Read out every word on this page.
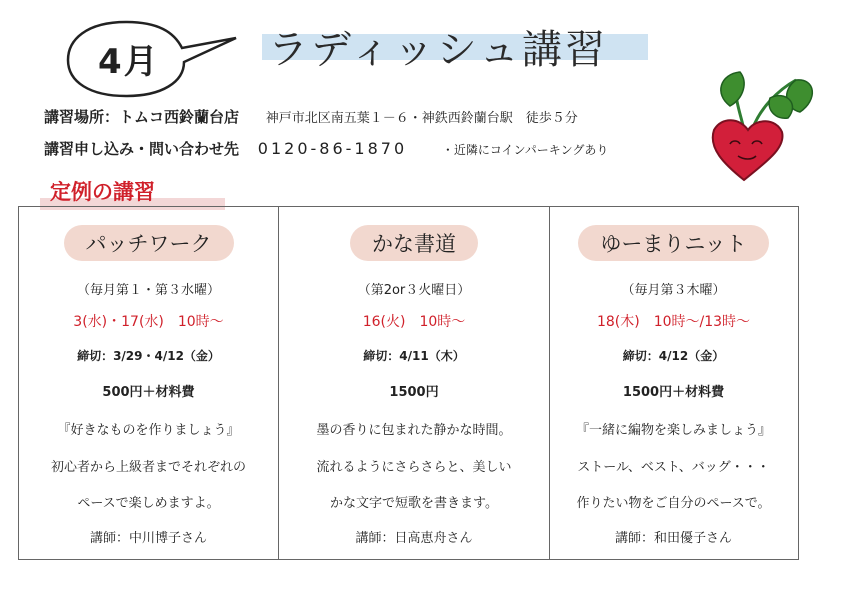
4月	ラディッシュ講習
講習場所：トムコ西鈴蘭台店 神戸市北区南五葉１－６・神鉄西鈴蘭台駅　徒歩５分
講習申し込み・問い合わせ先 0120-86-1870	・近隣にコインパーキングあり
定例の講習
パッチワーク
（毎月第１・第３水曜）
3(水)・17(水)　10時～
締切：3/29・4/12（金）
500円＋材料費
『好きなものを作りましょう』
初心者から上級者までそれぞれの
ペースで楽しめますよ。
講師：中川博子さん
かな書道
（第2or３火曜日）
16(火)　10時～
締切：4/11（木）
1500円
墨の香りに包まれた静かな時間。
流れるようにさらさらと、美しい
かな文字で短歌を書きます。
講師：日高恵舟さん
ゆーまりニット
（毎月第３木曜）
18(木)　10時～/13時～
締切：4/12（金）
1500円＋材料費
『一緒に編物を楽しみましょう』
ストール、ベスト、バッグ・・・
作りたい物をご自分のペースで。
講師：和田優子さん
